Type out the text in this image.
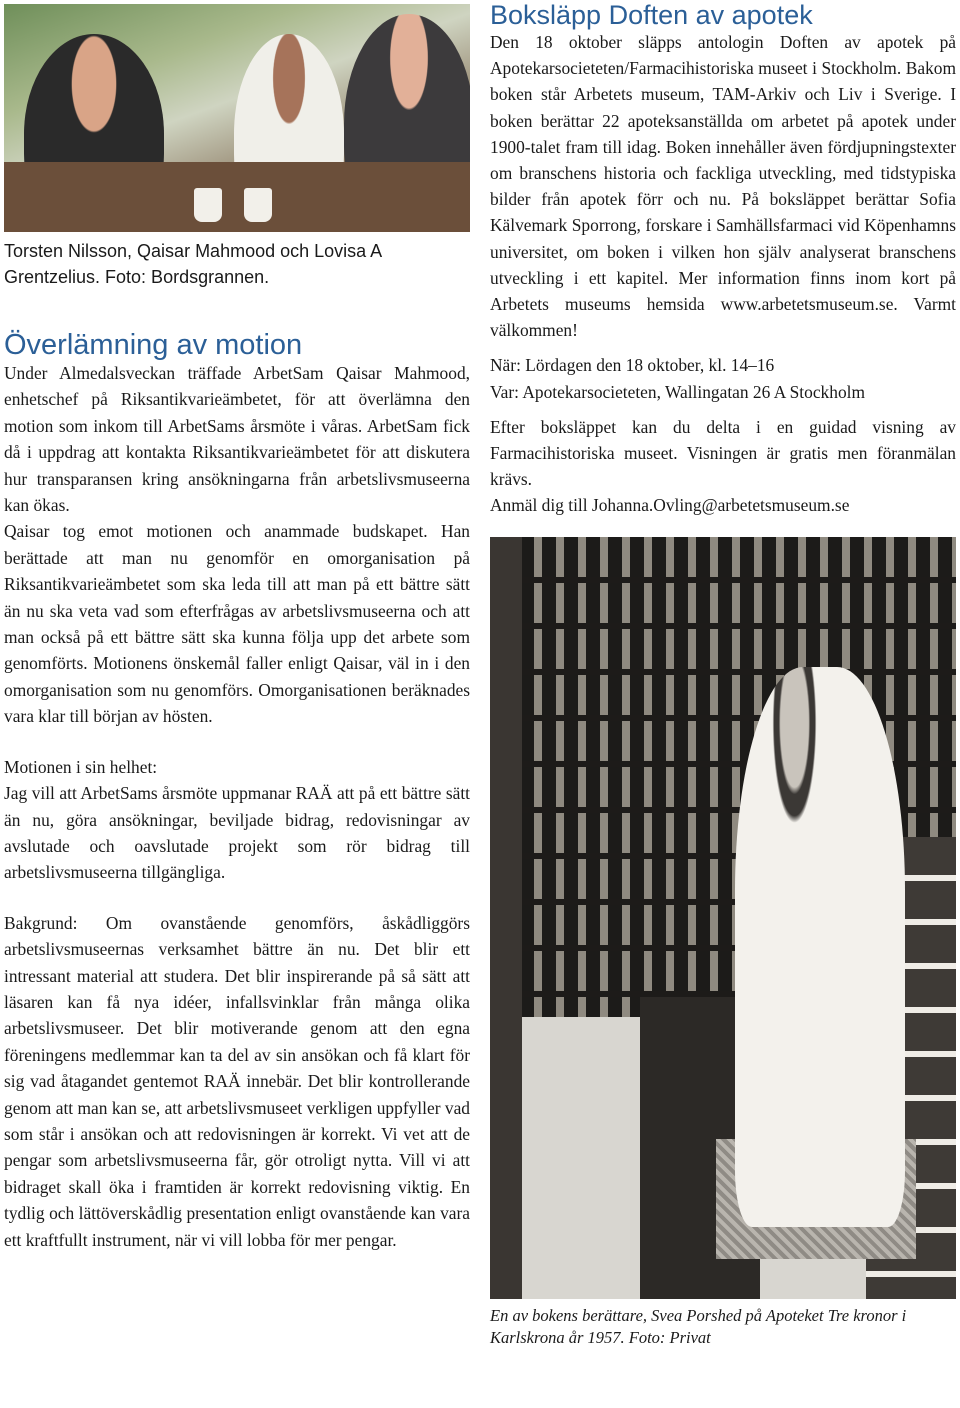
Torsten Nilsson, Qaisar Mahmood och Lovisa A Grentzelius. Foto: Bordsgrannen.
Överlämning av motion

Under Almedalsveckan träffade ArbetSam Qaisar Mahmood, enhetschef på Riksantikvarieämbetet, för att överlämna den motion som inkom till ArbetSams årsmöte i våras. ArbetSam fick då i uppdrag att kontakta Riksantikvarieämbetet för att diskutera hur transparansen kring ansökningarna från arbetslivsmuseerna kan ökas.

Qaisar tog emot motionen och anammade budskapet. Han berättade att man nu genomför en omorganisation på Riksantikvarieämbetet som ska leda till att man på ett bättre sätt än nu ska veta vad som efterfrågas av arbetslivsmuseerna och att man också på ett bättre sätt ska kunna följa upp det arbete som genomförts. Motionens önskemål faller enligt Qaisar, väl in i den omorganisation som nu genomförs. Omorganisationen beräknades vara klar till början av hösten.

Motionen i sin helhet:

Jag vill att ArbetSams årsmöte uppmanar RAÄ att på ett bättre sätt än nu, göra ansökningar, beviljade bidrag, redovisningar av avslutade och oavslutade projekt som rör bidrag till arbetslivsmuseerna tillgängliga.

Bakgrund: Om ovanstående genomförs, åskådliggörs arbetslivsmuseernas verksamhet bättre än nu. Det blir ett intressant material att studera. Det blir inspirerande på så sätt att läsaren kan få nya idéer, infallsvinklar från många olika arbetslivsmuseer. Det blir motiverande genom att den egna föreningens medlemmar kan ta del av sin ansökan och få klart för sig vad åtagandet gentemot RAÄ innebär. Det blir kontrollerande genom att man kan se, att arbetslivsmuseet verkligen uppfyller vad som står i ansökan och att redovisningen är korrekt. Vi vet att de pengar som arbetslivsmuseerna får, gör otroligt nytta. Vill vi att bidraget skall öka i framtiden är korrekt redovisning viktig. En tydlig och lättöverskådlig presentation enligt ovanstående kan vara ett kraftfullt instrument, när vi vill lobba för mer pengar.

Boksläpp Doften av apotek

Den 18 oktober släpps antologin Doften av apotek på Apotekarsocieteten/Farmacihistoriska museet i Stockholm. Bakom boken står Arbetets museum, TAM-Arkiv och Liv i Sverige. I boken berättar 22 apoteksanställda om arbetet på apotek under 1900-talet fram till idag. Boken innehåller även fördjupningstexter om branschens historia och fackliga utveckling, med tidstypiska bilder från apotek förr och nu. På boksläppet berättar Sofia Kälvemark Sporrong, forskare i Samhällsfarmaci vid Köpenhamns universitet, om boken i vilken hon själv analyserat branschens utveckling i ett kapitel. Mer information finns inom kort på Arbetets museums hemsida www.arbetetsmuseum.se. Varmt välkommen!

När: Lördagen den 18 oktober, kl. 14–16

Var: Apotekarsocieteten, Wallingatan 26 A Stockholm

Efter boksläppet kan du delta i en guidad visning av Farmacihistoriska museet. Visningen är gratis men föranmälan krävs.

Anmäl dig till Johanna.Ovling@arbetetsmuseum.se

En av bokens berättare, Svea Porshed på Apoteket Tre kronor i Karlskrona år 1957. Foto: Privat
